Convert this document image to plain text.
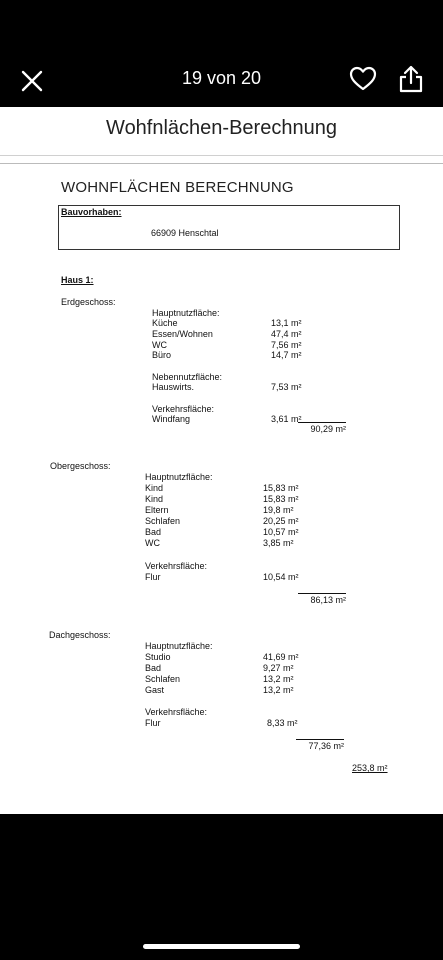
19 von 20
Wohfnlächen-Berechnung
WOHNFLÄCHEN BERECHNUNG
Bauvorhaben:
66909 Henschtal
Haus 1:
Erdgeschoss:
Hauptnutzfläche:
Küche	13,1 m²
Essen/Wohnen	47,4 m²
WC	7,56 m²
Büro	14,7 m²
Nebennutzfläche:
Hauswirts.	7,53 m²
Verkehrsfläche:
Windfang	3,61 m²
90,29 m²
Obergeschoss:
Hauptnutzfläche:
Kind	15,83 m²
Kind	15,83 m²
Eltern	19,8 m²
Schlafen	20,25 m²
Bad	10,57 m²
WC	3,85 m²
Verkehrsfläche:
Flur	10,54 m²
86,13 m²
Dachgeschoss:
Hauptnutzfläche:
Studio	41,69 m²
Bad	9,27 m²
Schlafen	13,2 m²
Gast	13,2 m²
Verkehrsfläche:
Flur	8,33 m²
77,36 m²
253,8 m²
